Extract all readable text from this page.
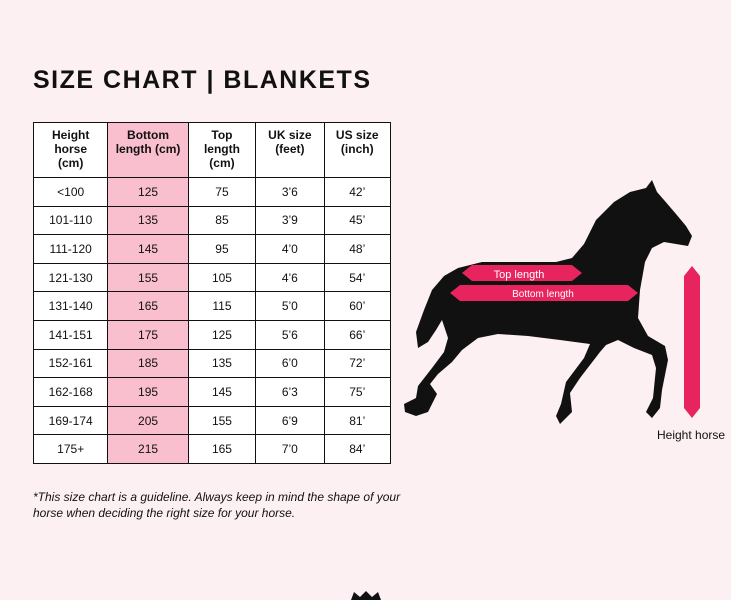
SIZE CHART | BLANKETS
Height
horse
(cm)	Bottom
length (cm)	Top
length
(cm)	UK size
(feet)	US size
(inch)
<100	125	75	3’6	42’
101-110	135	85	3’9	45’
111-120	145	95	4’0	48’
121-130	155	105	4’6	54’
131-140	165	115	5’0	60’
141-151	175	125	5’6	66’
152-161	185	135	6’0	72’
162-168	195	145	6’3	75’
169-174	205	155	6’9	81’
175+	215	165	7’0	84’

*This size chart is a guideline. Always keep in mind the shape of your horse when deciding the right size for your horse.

Top length
Bottom length
Height horse
